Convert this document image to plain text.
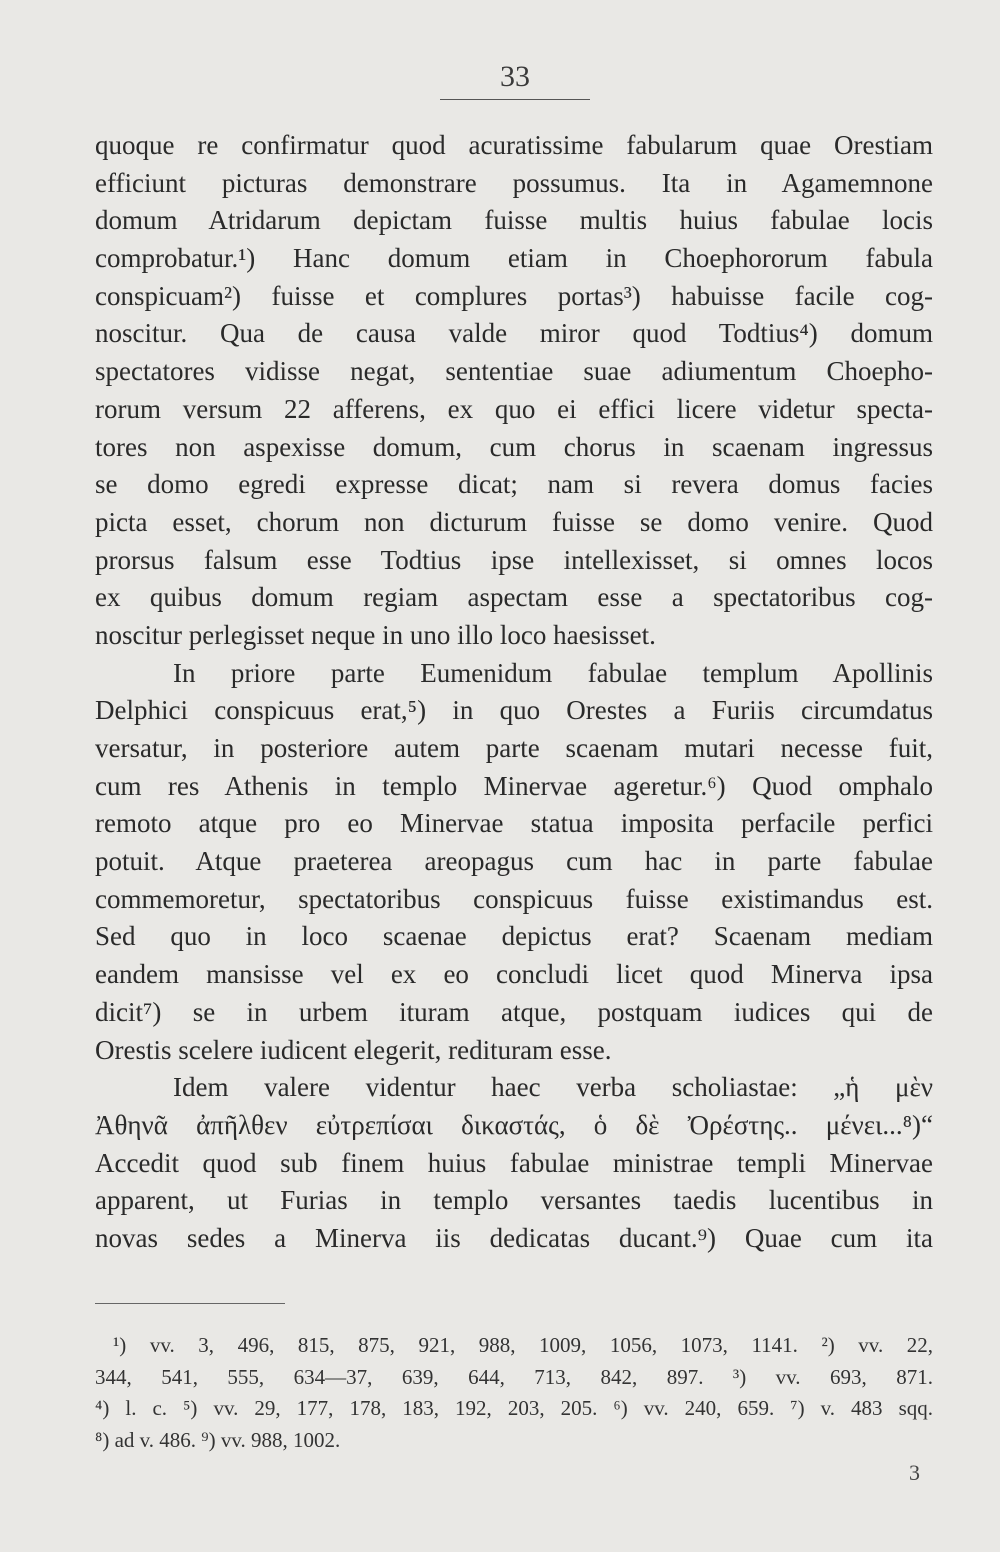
33
quoque re confirmatur quod acuratissime fabularum quae Orestiam
efficiunt picturas demonstrare possumus. Ita in Agamemnone
domum Atridarum depictam fuisse multis huius fabulae locis
comprobatur.¹) Hanc domum etiam in Choephororum fabula
conspicuam²) fuisse et complures portas³) habuisse facile cog-
noscitur. Qua de causa valde miror quod Todtius⁴) domum
spectatores vidisse negat, sententiae suae adiumentum Choepho-
rorum versum 22 afferens, ex quo ei effici licere videtur specta-
tores non aspexisse domum, cum chorus in scaenam ingressus
se domo egredi expresse dicat; nam si revera domus facies
picta esset, chorum non dicturum fuisse se domo venire. Quod
prorsus falsum esse Todtius ipse intellexisset, si omnes locos
ex quibus domum regiam aspectam esse a spectatoribus cog-
noscitur perlegisset neque in uno illo loco haesisset.
In priore parte Eumenidum fabulae templum Apollinis
Delphici conspicuus erat,⁵) in quo Orestes a Furiis circumdatus
versatur, in posteriore autem parte scaenam mutari necesse fuit,
cum res Athenis in templo Minervae ageretur.⁶) Quod omphalo
remoto atque pro eo Minervae statua imposita perfacile perfici
potuit. Atque praeterea areopagus cum hac in parte fabulae
commemoretur, spectatoribus conspicuus fuisse existimandus est.
Sed quo in loco scaenae depictus erat? Scaenam mediam
eandem mansisse vel ex eo concludi licet quod Minerva ipsa
dicit⁷) se in urbem ituram atque, postquam iudices qui de
Orestis scelere iudicent elegerit, redituram esse.
Idem valere videntur haec verba scholiastae: „ἡ μὲν
Ἀθηνᾶ ἀπῆλθεν εὐτρεπίσαι δικαστάς, ὁ δὲ Ὀρέστης.. μένει...⁸)“
Accedit quod sub finem huius fabulae ministrae templi Minervae
apparent, ut Furias in templo versantes taedis lucentibus in
novas sedes a Minerva iis dedicatas ducant.⁹) Quae cum ita
¹) vv. 3, 496, 815, 875, 921, 988, 1009, 1056, 1073, 1141. ²) vv. 22,
344, 541, 555, 634—37, 639, 644, 713, 842, 897. ³) vv. 693, 871.
⁴) l. c. ⁵) vv. 29, 177, 178, 183, 192, 203, 205. ⁶) vv. 240, 659. ⁷) v. 483 sqq.
⁸) ad v. 486. ⁹) vv. 988, 1002.
3
